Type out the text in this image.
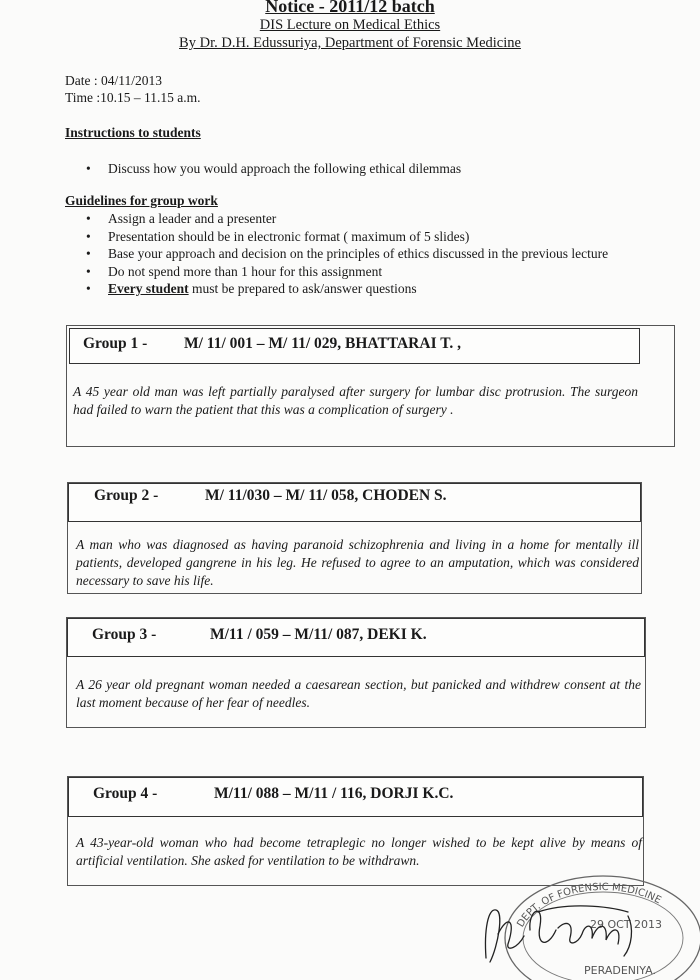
Notice - 2011/12 batch
DIS Lecture on Medical Ethics
By Dr. D.H. Edussuriya, Department of Forensic Medicine
Date : 04/11/2013
Time :10.15 – 11.15 a.m.
Instructions to students
• Discuss how you would approach the following ethical dilemmas
Guidelines for group work
• Assign a leader and a presenter
• Presentation should be in electronic format ( maximum of 5 slides)
• Base your approach and decision on the principles of ethics discussed in the previous lecture
• Do not spend more than 1 hour for this assignment
• Every student must be prepared to ask/answer questions
Group 1 - M/ 11/ 001 – M/ 11/ 029, BHATTARAI T. ,
A 45 year old man was left partially paralysed after surgery for lumbar disc protrusion. The surgeon had failed to warn the patient that this was a complication of surgery .
Group 2 -	M/ 11/030 – M/ 11/ 058, CHODEN S.
A man who was diagnosed as having paranoid schizophrenia and living in a home for mentally ill patients, developed gangrene in his leg. He refused to agree to an amputation, which was considered necessary to save his life.
Group 3 -	M/11 / 059 – M/11/ 087, DEKI K.
A 26 year old pregnant woman needed a caesarean section, but panicked and withdrew consent at the last moment because of her fear of needles.
Group 4 -	M/11/ 088 – M/11 / 116, DORJI K.C.
A 43-year-old woman who had become tetraplegic no longer wished to be kept alive by means of artificial ventilation. She asked for ventilation to be withdrawn.
DEPT. OF FORENSIC MEDICINE
29 OCT 2013
PERADENIYA.
